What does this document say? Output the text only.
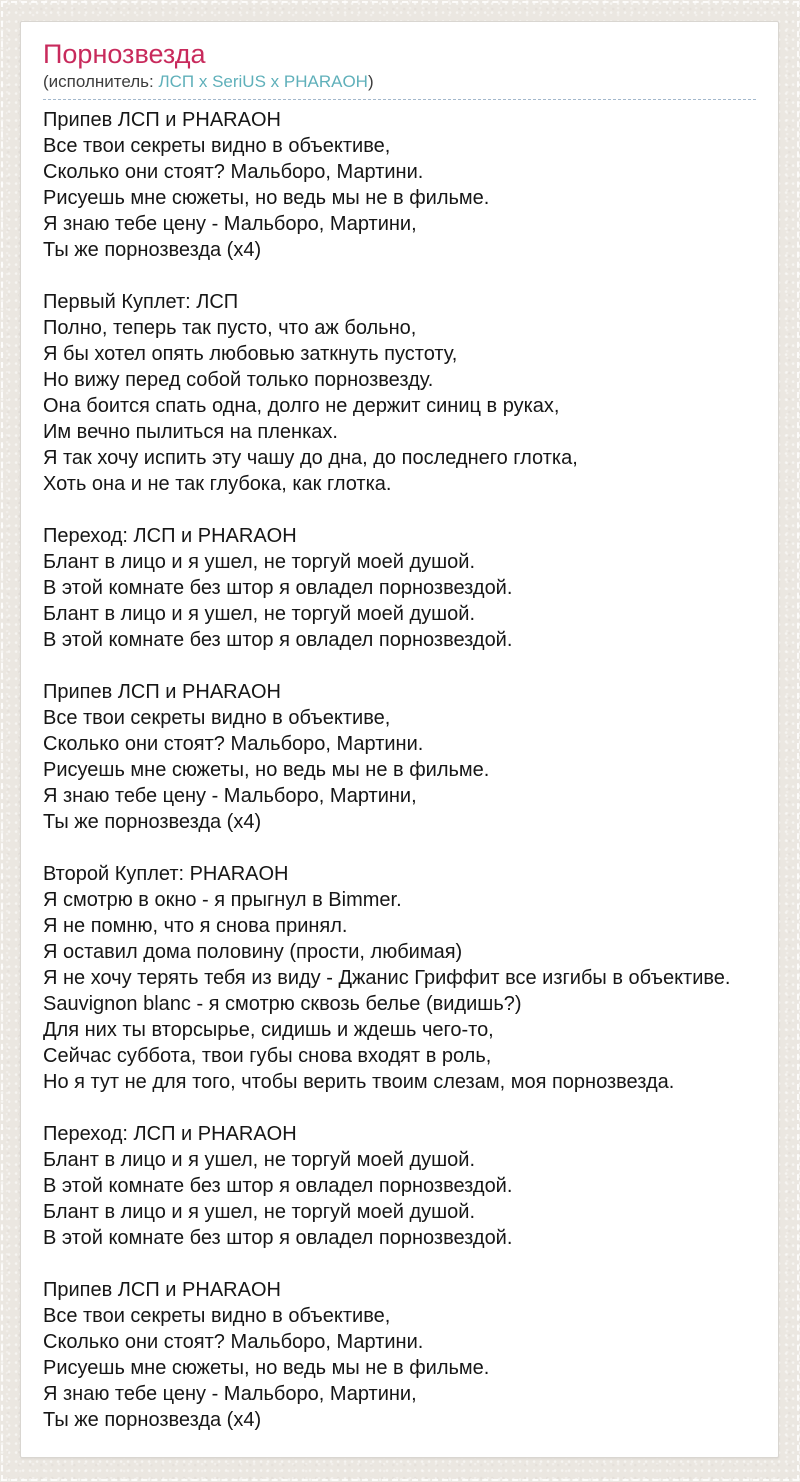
Порнозвезда
(исполнитель: ЛСП x SeriUS x PHARAOH)
Припев ЛСП и PHARAOH
Все твои секреты видно в объективе,
Сколько они стоят? Мальборо, Мартини.
Рисуешь мне сюжеты, но ведь мы не в фильме.
Я знаю тебе цену - Мальборо, Мартини,
Ты же порнозвезда (x4)
Первый Куплет: ЛСП
Полно, теперь так пусто, что аж больно,
Я бы хотел опять любовью заткнуть пустоту,
Но вижу перед собой только порнозвезду.
Она боится спать одна, долго не держит синиц в руках,
Им вечно пылиться на пленках.
Я так хочу испить эту чашу до дна, до последнего глотка,
Хоть она и не так глубока, как глотка.
Переход: ЛСП и PHARAOH
Блант в лицо и я ушел, не торгуй моей душой.
В этой комнате без штор я овладел порнозвездой.
Блант в лицо и я ушел, не торгуй моей душой.
В этой комнате без штор я овладел порнозвездой.
Припев ЛСП и PHARAOH
Все твои секреты видно в объективе,
Сколько они стоят? Мальборо, Мартини.
Рисуешь мне сюжеты, но ведь мы не в фильме.
Я знаю тебе цену - Мальборо, Мартини,
Ты же порнозвезда (x4)
Второй Куплет: PHARAOH
Я смотрю в окно - я прыгнул в Bimmer.
Я не помню, что я снова принял.
Я оставил дома половину (прости, любимая)
Я не хочу терять тебя из виду - Джанис Гриффит все изгибы в объективе.
Sauvignon blanc - я смотрю сквозь белье (видишь?)
Для них ты вторсырье, сидишь и ждешь чего-то,
Сейчас суббота, твои губы снова входят в роль,
Но я тут не для того, чтобы верить твоим слезам, моя порнозвезда.
Переход: ЛСП и PHARAOH
Блант в лицо и я ушел, не торгуй моей душой.
В этой комнате без штор я овладел порнозвездой.
Блант в лицо и я ушел, не торгуй моей душой.
В этой комнате без штор я овладел порнозвездой.
Припев ЛСП и PHARAOH
Все твои секреты видно в объективе,
Сколько они стоят? Мальборо, Мартини.
Рисуешь мне сюжеты, но ведь мы не в фильме.
Я знаю тебе цену - Мальборо, Мартини,
Ты же порнозвезда (x4)
